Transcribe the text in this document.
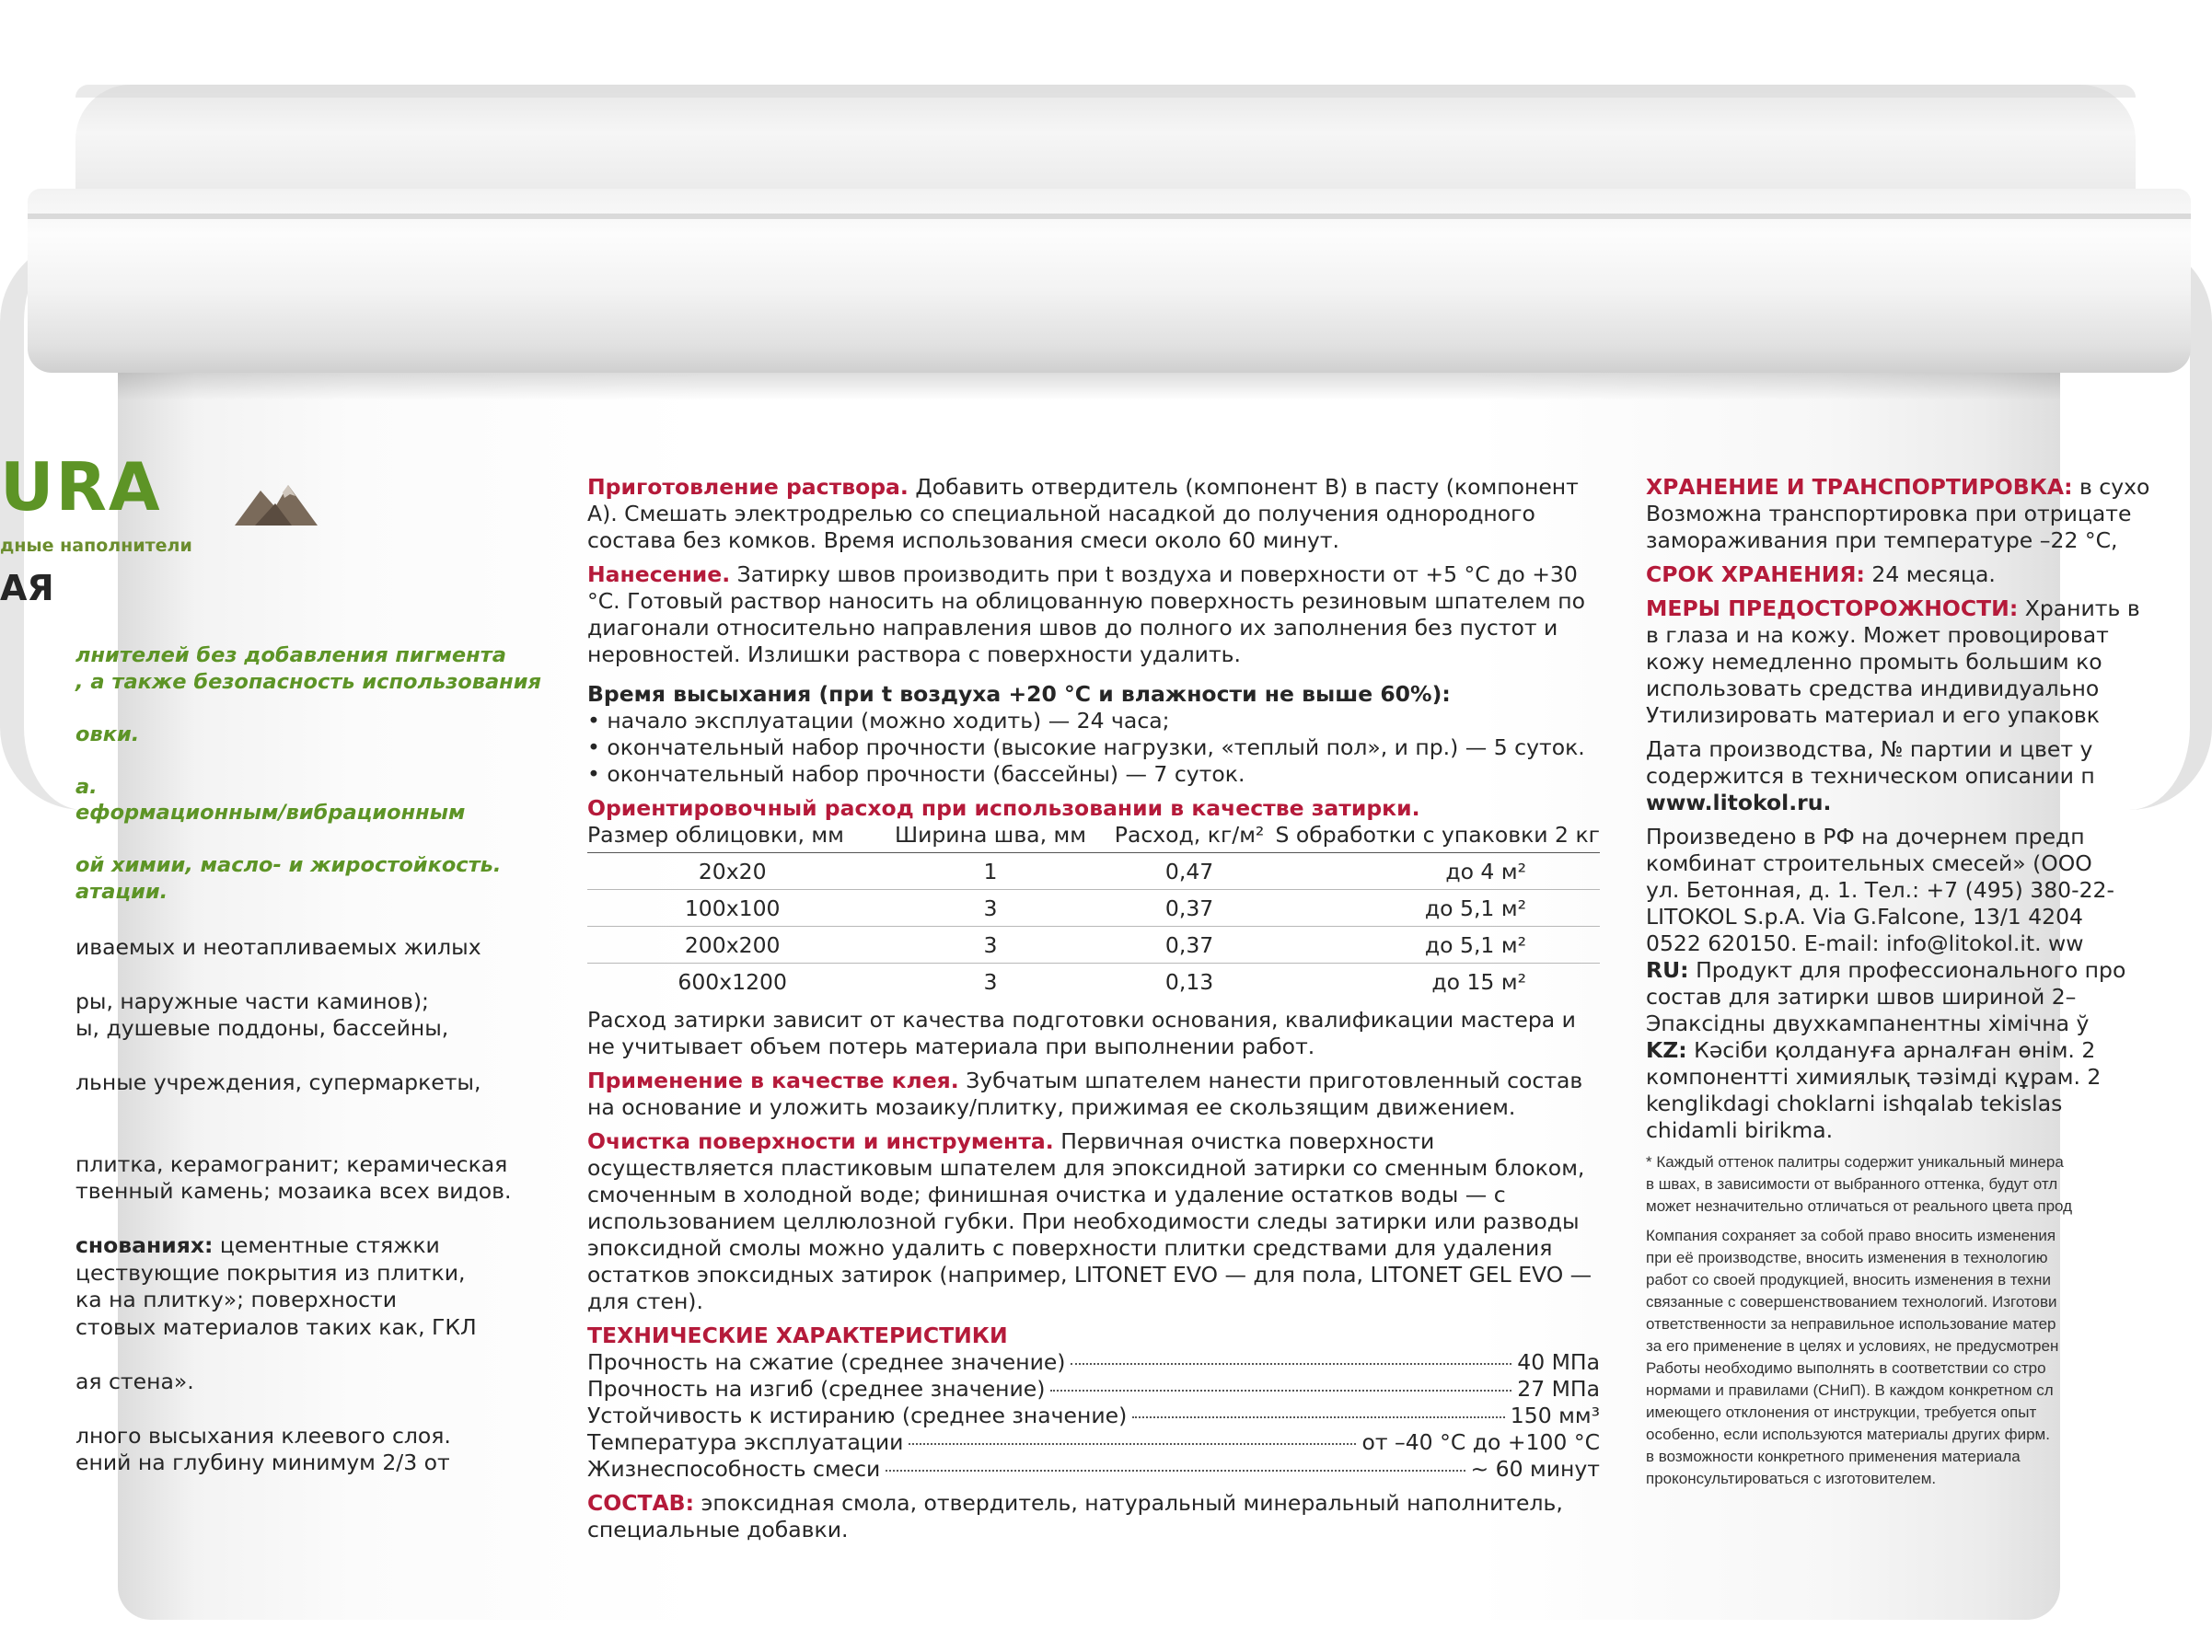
URA
дные наполнители
АЯ
лнителей без добавления пигмента
, а также безопасность использования
овки.
а.
еформационным/вибрационным
ой химии, масло- и жиростойкость.
атации.
иваемых и неотапливаемых жилых
ры, наружные части каминов);
ы, душевые поддоны, бассейны,
льные учреждения, супермаркеты,
плитка, керамогранит; керамическая
твенный камень; мозаика всех видов.
снованиях: цементные стяжки
цествующие покрытия из плитки,
ка на плитку»; поверхности
стовых материалов таких как, ГКЛ
ая стена».
лного высыхания клеевого слоя.
ений на глубину минимум 2/3 от

Приготовление раствора. Добавить отвердитель (компонент В) в пасту (компонент А). Смешать электродрелью со специальной насадкой до получения однородного состава без комков. Время использования смеси около 60 минут.

Нанесение. Затирку швов производить при t воздуха и поверхности от +5 °С до +30 °С. Готовый раствор наносить на облицованную поверхность резиновым шпателем по диагонали относительно направления швов до полного их заполнения без пустот и неровностей. Излишки раствора с поверхности удалить.

Время высыхания (при t воздуха +20 °С и влажности не выше 60%):

• начало эксплуатации (можно ходить) — 24 часа;

• окончательный набор прочности (высокие нагрузки, «теплый пол», и пр.) — 5 суток.

• окончательный набор прочности (бассейны) — 7 суток.

Ориентировочный расход при использовании в качестве затирки.

Размер облицовки, мм	Ширина шва, мм	Расход, кг/м²	S обработки с упаковки 2 кг
20х20	1	0,47	до 4 м²
100х100	3	0,37	до 5,1 м²
200х200	3	0,37	до 5,1 м²
600х1200	3	0,13	до 15 м²

Расход затирки зависит от качества подготовки основания, квалификации мастера и не учитывает объем потерь материала при выполнении работ.

Применение в качестве клея. Зубчатым шпателем нанести приготовленный состав на основание и уложить мозаику/плитку, прижимая ее скользящим движением.

Очистка поверхности и инструмента. Первичная очистка поверхности осуществляется пластиковым шпателем для эпоксидной затирки со сменным блоком, смоченным в холодной воде; финишная очистка и удаление остатков воды — с использованием целлюлозной губки. При необходимости следы затирки или разводы эпоксидной смолы можно удалить с поверхности плитки средствами для удаления остатков эпоксидных затирок (например, LITONET EVO — для пола, LITONET GEL EVO — для стен).

ТЕХНИЧЕСКИЕ ХАРАКТЕРИСТИКИ

Прочность на сжатие (среднее значение)	40 МПа
Прочность на изгиб (среднее значение)	27 МПа
Устойчивость к истиранию (среднее значение)	150 мм³
Температура эксплуатации	от –40 °С до +100 °С
Жизнеспособность смеси	~ 60 минут

СОСТАВ: эпоксидная смола, отвердитель, натуральный минеральный наполнитель, специальные добавки.

ХРАНЕНИЕ И ТРАНСПОРТИРОВКА: в сухо

Возможна транспортировка при отрицате

замораживания при температуре –22 °С,

СРОК ХРАНЕНИЯ: 24 месяца.

МЕРЫ ПРЕДОСТОРОЖНОСТИ: Хранить в

в глаза и на кожу. Может провоцироват

кожу немедленно промыть большим ко

использовать средства индивидуально

Утилизировать материал и его упаковк

Дата производства, № партии и цвет у

содержится в техническом описании п

www.litokol.ru.

Произведено в РФ на дочернем предп

комбинат строительных смесей» (ООО

ул. Бетонная, д. 1. Тел.: +7 (495) 380-22-

LITOKOL S.p.A. Via G.Falcone, 13/1 4204

0522 620150. E-mail: info@litokol.it. ww

RU: Продукт для профессионального про

состав для затирки швов шириной 2–

Эпаксiдны двухкампанентны хiмiчна ў

KZ: Кәсіби қолдануға арналған өнім. 2

компонентті химиялық тәзімді құрам. 2

kenglikdagi choklarni ishqalab tekislas

chidamli birikma.

* Каждый оттенок палитры содержит уникальный минера
в швах, в зависимости от выбранного оттенка, будут отл
может незначительно отличаться от реального цвета прод
Компания сохраняет за собой право вносить изменения
при её производстве, вносить изменения в технологию
работ со своей продукцией, вносить изменения в техни
связанные с совершенствованием технологий. Изготови
ответственности за неправильное использование матер
за его применение в целях и условиях, не предусмотрен
Работы необходимо выполнять в соответствии со стро
нормами и правилами (СНиП). В каждом конкретном сл
имеющего отклонения от инструкции, требуется опыт
особенно, если используются материалы других фирм.
в возможности конкретного применения материала
проконсультироваться с изготовителем.
